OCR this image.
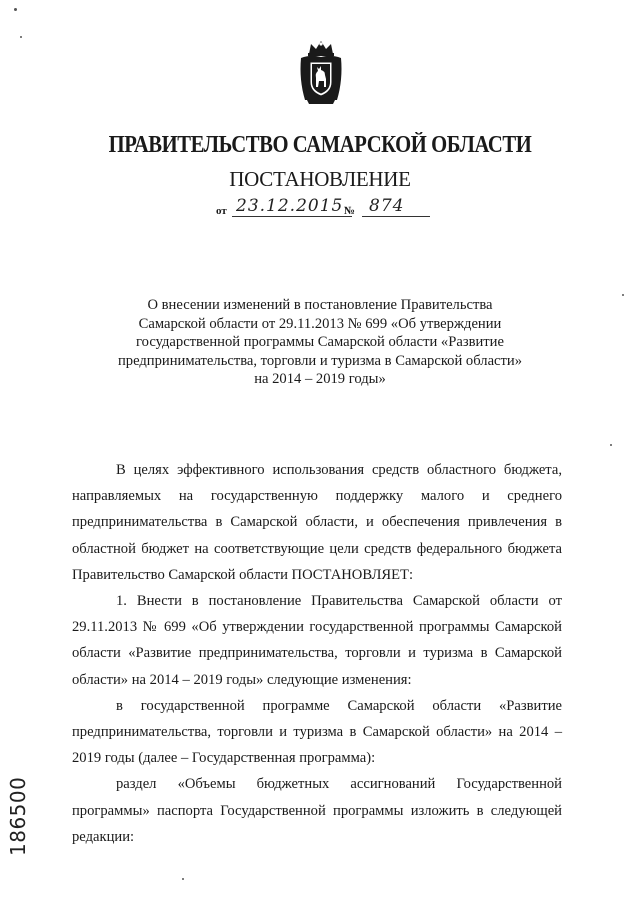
ПРАВИТЕЛЬСТВО САМАРСКОЙ ОБЛАСТИ
ПОСТАНОВЛЕНИЕ
от 23.12.2015 № 874
О внесении изменений в постановление Правительства
Самарской области от 29.11.2013 № 699 «Об утверждении
государственной программы Самарской области «Развитие
предпринимательства, торговли и туризма в Самарской области»
на 2014 – 2019 годы»

В целях эффективного использования средств областного бюджета, направляемых на государственную поддержку малого и среднего предпринимательства в Самарской области, и обеспечения привлечения в областной бюджет на соответствующие цели средств федерального бюджета Правительство Самарской области ПОСТАНОВЛЯЕТ:

1. Внести в постановление Правительства Самарской области от 29.11.2013 № 699 «Об утверждении государственной программы Самарской области «Развитие предпринимательства, торговли и туризма в Самарской области» на 2014 – 2019 годы» следующие изменения:

в государственной программе Самарской области «Развитие предпринимательства, торговли и туризма в Самарской области» на 2014 – 2019 годы (далее – Государственная программа):

раздел «Объемы бюджетных ассигнований Государственной программы» паспорта Государственной программы изложить в следующей редакции:

186500
